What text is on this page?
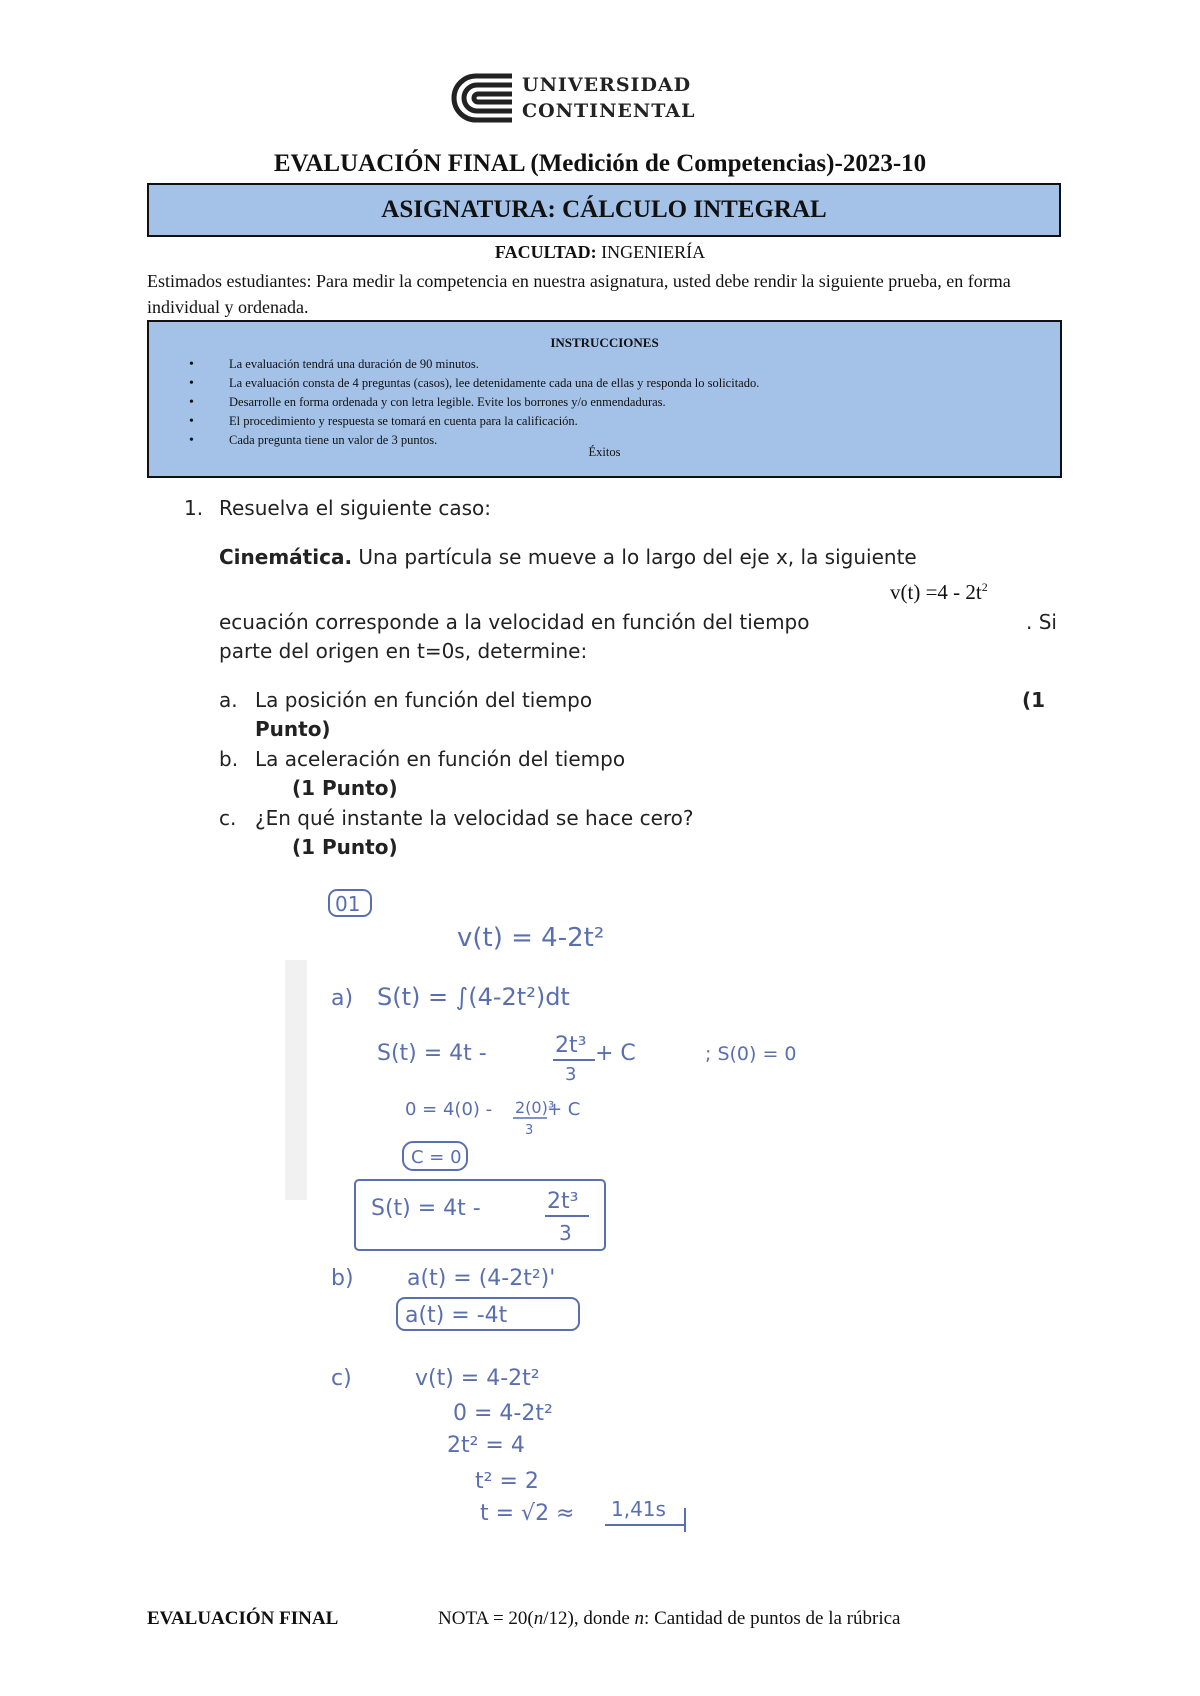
UNIVERSIDAD
CONTINENTAL
EVALUACIÓN FINAL (Medición de Competencias)-2023-10
ASIGNATURA: CÁLCULO INTEGRAL
FACULTAD: INGENIERÍA
Estimados estudiantes: Para medir la competencia en nuestra asignatura, usted debe rendir la siguiente prueba, en forma individual y ordenada.
INSTRUCCIONES
• La evaluación tendrá una duración de 90 minutos.
• La evaluación consta de 4 preguntas (casos), lee detenidamente cada una de ellas y responda lo solicitado.
• Desarrolle en forma ordenada y con letra legible. Evite los borrones y/o enmendaduras.
• El procedimiento y respuesta se tomará en cuenta para la calificación.
• Cada pregunta tiene un valor de 3 puntos.
Éxitos
1. Resuelva el siguiente caso:
Cinemática. Una partícula se mueve a lo largo del eje x, la siguiente
$v(t) =4 - 2t^2$
ecuación corresponde a la velocidad en función del tiempo	. Si
parte del origen en t=0s, determine:
a. La posición en función del tiempo	(1
Punto)
b. La aceleración en función del tiempo
(1 Punto)
c. ¿En qué instante la velocidad se hace cero?
(1 Punto)
01
v(t) = 4-2t²
a) S(t) = ∫(4-2t²)dt
S(t) = 4t -	2t³
3
+ C	; S(0) = 0
0 = 4(0) - 2(0)³
3
+ C
C = 0
S(t) = 4t -	2t³
3
b) a(t) = (4-2t²)'
a(t) = -4t
c)	v(t) = 4-2t²
0 = 4-2t²
2t² = 4
t² = 2
t = √2 ≈ 1,41s
EVALUACIÓN FINAL	NOTA = 20(n/12), donde n: Cantidad de puntos de la rúbrica
